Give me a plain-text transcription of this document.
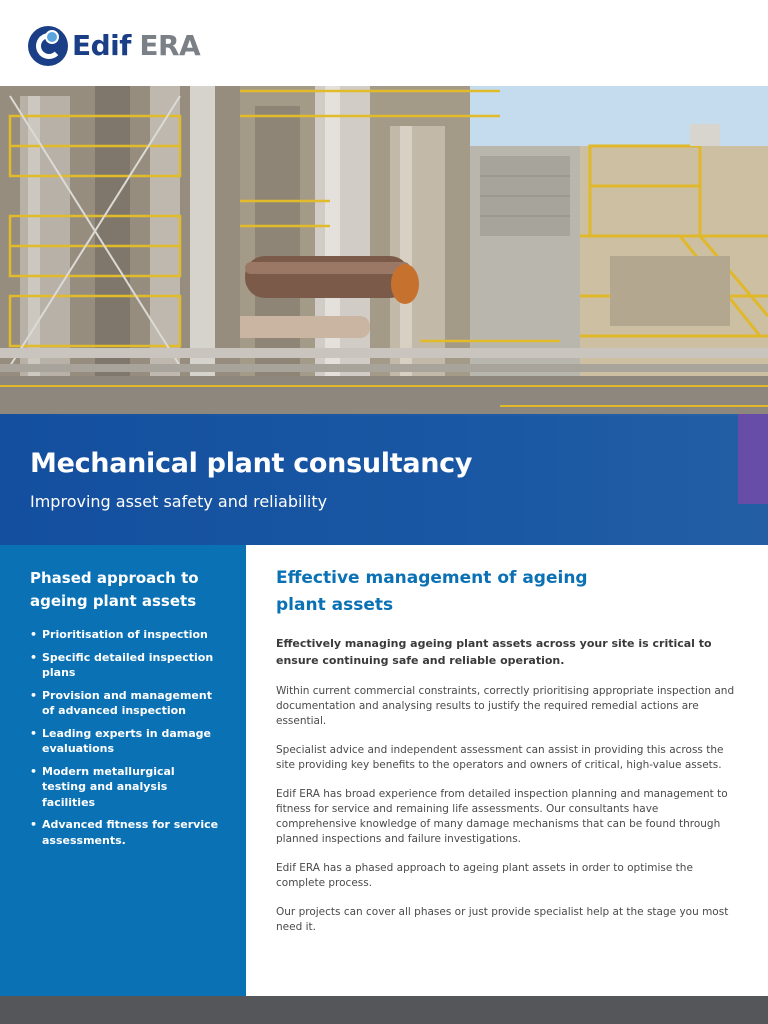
Edif ERA
Mechanical plant consultancy
Improving asset safety and reliability
Phased approach to ageing plant assets
• Prioritisation of inspection
• Specific detailed inspection plans
• Provision and management of advanced inspection
• Leading experts in damage evaluations
• Modern metallurgical testing and analysis facilities
• Advanced fitness for service assessments.
Effective management of ageing plant assets

Effectively managing ageing plant assets across your site is critical to ensure continuing safe and reliable operation.

Within current commercial constraints, correctly prioritising appropriate inspection and documentation and analysing results to justify the required remedial actions are essential.

Specialist advice and independent assessment can assist in providing this across the site providing key benefits to the operators and owners of critical, high-value assets.

Edif ERA has broad experience from detailed inspection planning and management to fitness for service and remaining life assessments. Our consultants have comprehensive knowledge of many damage mechanisms that can be found through planned inspections and failure investigations.

Edif ERA has a phased approach to ageing plant assets in order to optimise the complete process.

Our projects can cover all phases or just provide specialist help at the stage you most need it.
